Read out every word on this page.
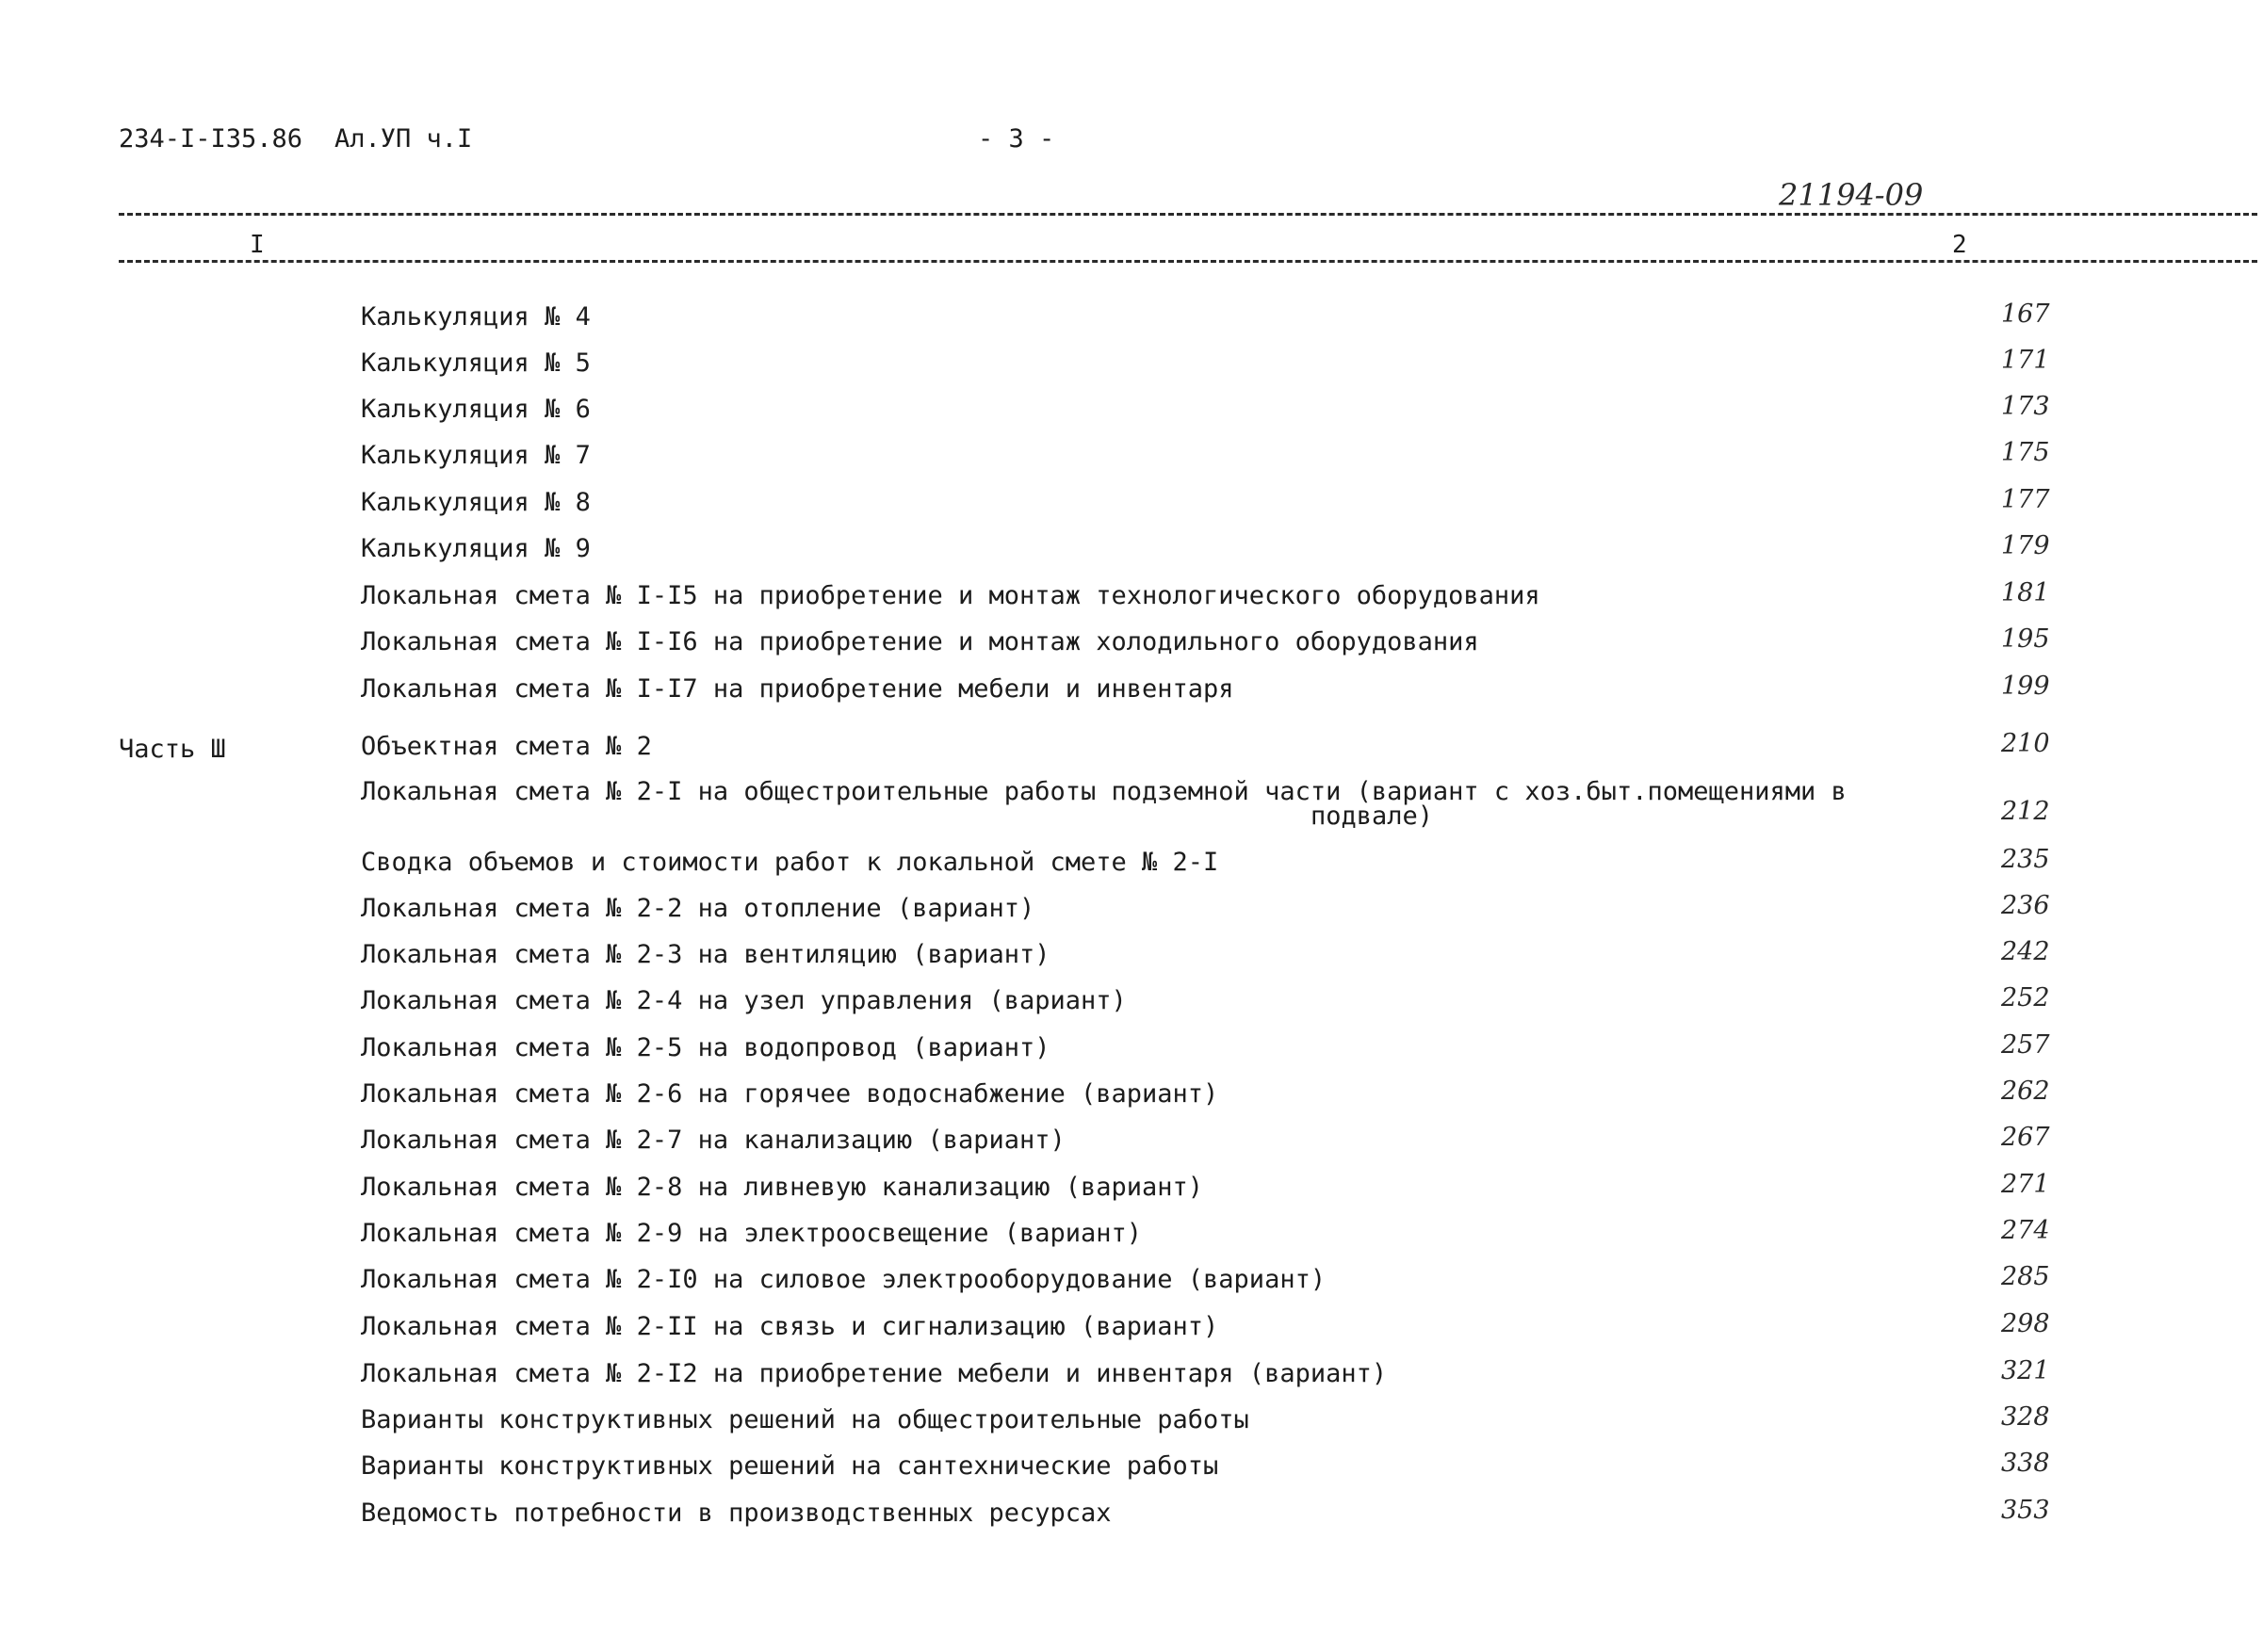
234-I-I35.86 Ал.УП ч.I	- 3 -
21194-09
I	2
Калькуляция № 4	167
Калькуляция № 5	171
Калькуляция № 6	173
Калькуляция № 7	175
Калькуляция № 8	177
Калькуляция № 9	179
Локальная смета № I-I5 на приобретение и монтаж технологического оборудования	181
Локальная смета № I-I6 на приобретение и монтаж холодильного оборудования	195
Локальная смета № I-I7 на приобретение мебели и инвентаря	199
Часть Ш	Объектная смета № 2	210
Локальная смета № 2-I на общестроительные работы подземной части (вариант с хоз.быт.помещениями в
подвале)	212
Сводка объемов и стоимости работ к локальной смете № 2-I	235
Локальная смета № 2-2 на отопление (вариант)	236
Локальная смета № 2-3 на вентиляцию (вариант)	242
Локальная смета № 2-4 на узел управления (вариант)	252
Локальная смета № 2-5 на водопровод (вариант)	257
Локальная смета № 2-6 на горячее водоснабжение (вариант)	262
Локальная смета № 2-7 на канализацию (вариант)	267
Локальная смета № 2-8 на ливневую канализацию (вариант)	271
Локальная смета № 2-9 на электроосвещение (вариант)	274
Локальная смета № 2-I0 на силовое электрооборудование (вариант)	285
Локальная смета № 2-II на связь и сигнализацию (вариант)	298
Локальная смета № 2-I2 на приобретение мебели и инвентаря (вариант)	321
Варианты конструктивных решений на общестроительные работы	328
Варианты конструктивных решений на сантехнические работы	338
Ведомость потребности в производственных ресурсах	353
